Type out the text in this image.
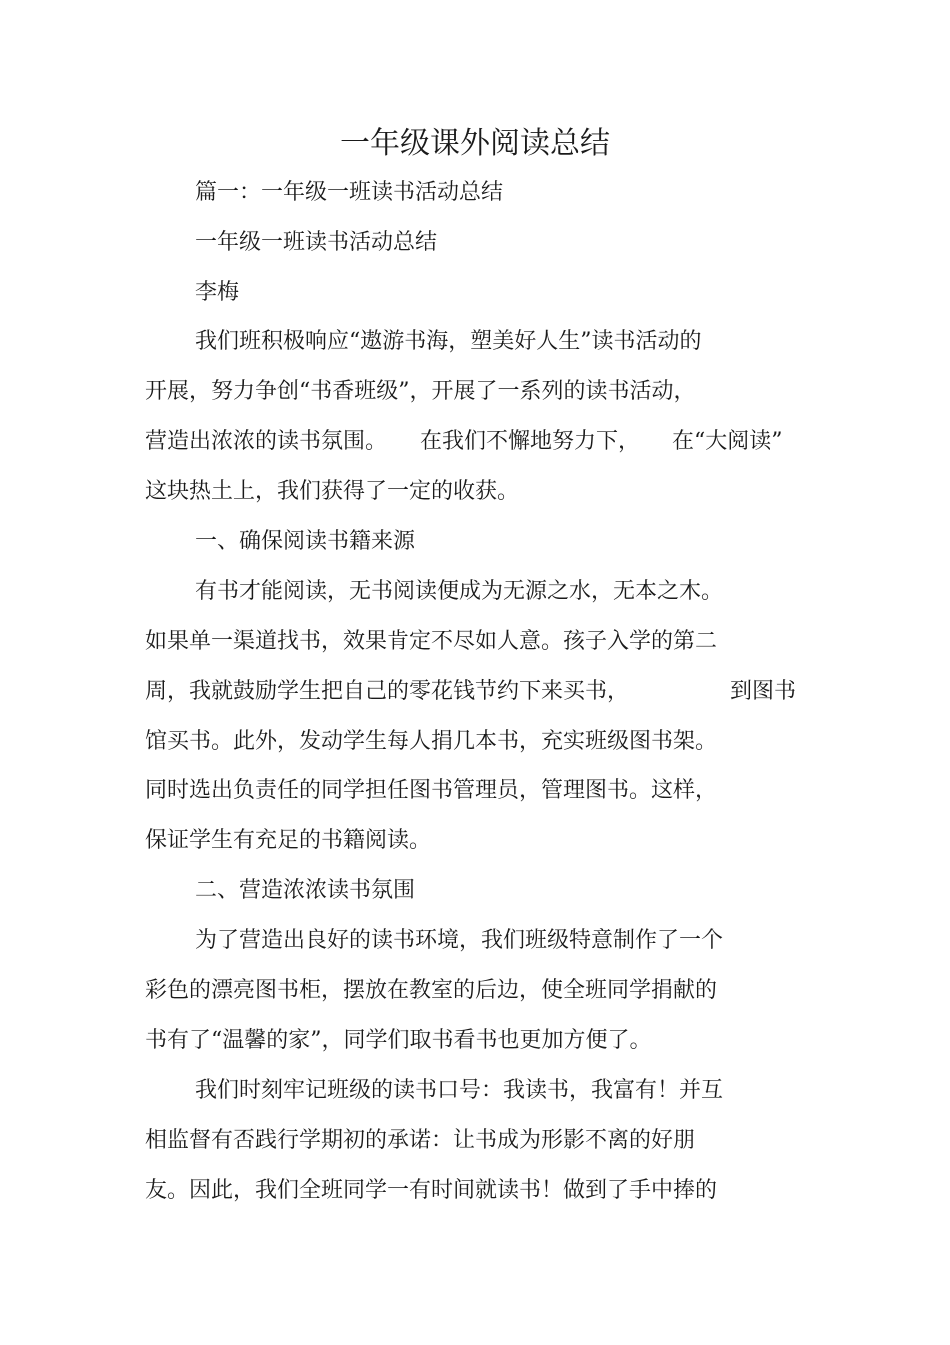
一年级课外阅读总结
篇一：一年级一班读书活动总结
一年级一班读书活动总结
李梅
我们班积极响应“遨游书海，塑美好人生”读书活动的
开展，努力争创“书香班级”，开展了一系列的读书活动，
营造出浓浓的读书氛围。 在我们不懈地努力下， 在“大阅读”
这块热土上，我们获得了一定的收获。
一、确保阅读书籍来源
有书才能阅读，无书阅读便成为无源之水，无本之木。
如果单一渠道找书，效果肯定不尽如人意。孩子入学的第二
周，我就鼓励学生把自己的零花钱节约下来买书，	到图书
馆买书。此外，发动学生每人捐几本书，充实班级图书架。
同时选出负责任的同学担任图书管理员，管理图书。这样，
保证学生有充足的书籍阅读。
二、营造浓浓读书氛围
为了营造出良好的读书环境，我们班级特意制作了一个
彩色的漂亮图书柜，摆放在教室的后边，使全班同学捐献的
书有了“温馨的家”，同学们取书看书也更加方便了。
我们时刻牢记班级的读书口号：我读书，我富有！并互
相监督有否践行学期初的承诺：让书成为形影不离的好朋
友。因此，我们全班同学一有时间就读书！做到了手中捧的
